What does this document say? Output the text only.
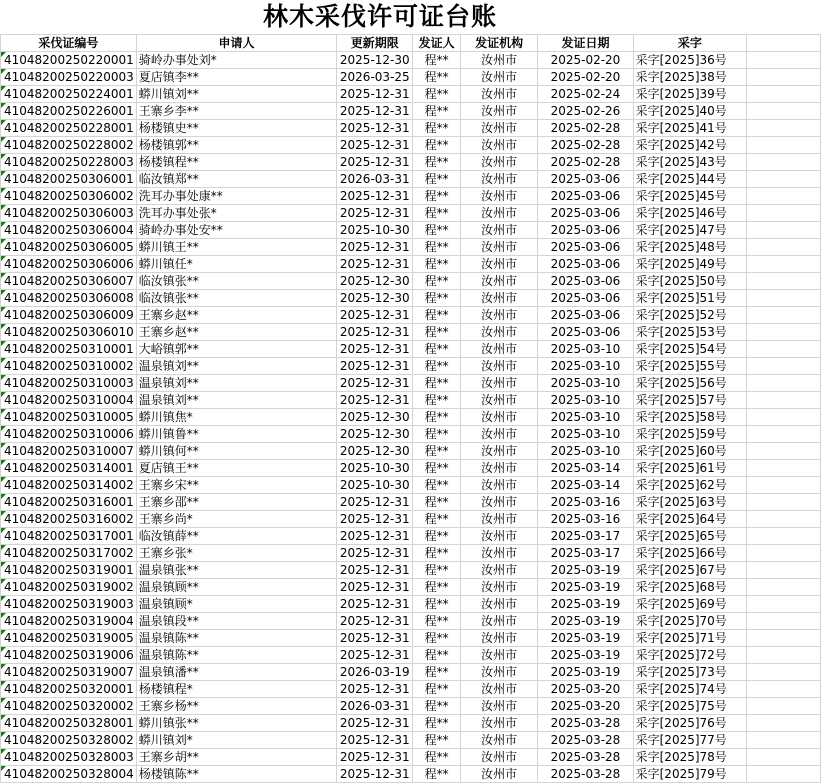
林木采伐许可证台账
采伐证编号	申请人	更新期限	发证人	发证机构	发证日期	采字	
41048200250220001	骑岭办事处刘*	2025-12-30	程**	汝州市	2025-02-20	采字[2025]36号	
41048200250220003	夏店镇李**	2026-03-25	程**	汝州市	2025-02-20	采字[2025]38号	
41048200250224001	蟒川镇刘**	2025-12-31	程**	汝州市	2025-02-24	采字[2025]39号	
41048200250226001	王寨乡李**	2025-12-31	程**	汝州市	2025-02-26	采字[2025]40号	
41048200250228001	杨楼镇史**	2025-12-31	程**	汝州市	2025-02-28	采字[2025]41号	
41048200250228002	杨楼镇郭**	2025-12-31	程**	汝州市	2025-02-28	采字[2025]42号	
41048200250228003	杨楼镇程**	2025-12-31	程**	汝州市	2025-02-28	采字[2025]43号	
41048200250306001	临汝镇郑**	2026-03-31	程**	汝州市	2025-03-06	采字[2025]44号	
41048200250306002	洗耳办事处康**	2025-12-31	程**	汝州市	2025-03-06	采字[2025]45号	
41048200250306003	洗耳办事处张*	2025-12-31	程**	汝州市	2025-03-06	采字[2025]46号	
41048200250306004	骑岭办事处安**	2025-10-30	程**	汝州市	2025-03-06	采字[2025]47号	
41048200250306005	蟒川镇王**	2025-12-31	程**	汝州市	2025-03-06	采字[2025]48号	
41048200250306006	蟒川镇任*	2025-12-31	程**	汝州市	2025-03-06	采字[2025]49号	
41048200250306007	临汝镇张**	2025-12-30	程**	汝州市	2025-03-06	采字[2025]50号	
41048200250306008	临汝镇张**	2025-12-30	程**	汝州市	2025-03-06	采字[2025]51号	
41048200250306009	王寨乡赵**	2025-12-31	程**	汝州市	2025-03-06	采字[2025]52号	
41048200250306010	王寨乡赵**	2025-12-31	程**	汝州市	2025-03-06	采字[2025]53号	
41048200250310001	大峪镇郭**	2025-12-31	程**	汝州市	2025-03-10	采字[2025]54号	
41048200250310002	温泉镇刘**	2025-12-31	程**	汝州市	2025-03-10	采字[2025]55号	
41048200250310003	温泉镇刘**	2025-12-31	程**	汝州市	2025-03-10	采字[2025]56号	
41048200250310004	温泉镇刘**	2025-12-31	程**	汝州市	2025-03-10	采字[2025]57号	
41048200250310005	蟒川镇焦*	2025-12-30	程**	汝州市	2025-03-10	采字[2025]58号	
41048200250310006	蟒川镇鲁**	2025-12-30	程**	汝州市	2025-03-10	采字[2025]59号	
41048200250310007	蟒川镇何**	2025-12-30	程**	汝州市	2025-03-10	采字[2025]60号	
41048200250314001	夏店镇王**	2025-10-30	程**	汝州市	2025-03-14	采字[2025]61号	
41048200250314002	王寨乡宋**	2025-10-30	程**	汝州市	2025-03-14	采字[2025]62号	
41048200250316001	王寨乡邵**	2025-12-31	程**	汝州市	2025-03-16	采字[2025]63号	
41048200250316002	王寨乡尚*	2025-12-31	程**	汝州市	2025-03-16	采字[2025]64号	
41048200250317001	临汝镇薛**	2025-12-31	程**	汝州市	2025-03-17	采字[2025]65号	
41048200250317002	王寨乡张*	2025-12-31	程**	汝州市	2025-03-17	采字[2025]66号	
41048200250319001	温泉镇张**	2025-12-31	程**	汝州市	2025-03-19	采字[2025]67号	
41048200250319002	温泉镇顾**	2025-12-31	程**	汝州市	2025-03-19	采字[2025]68号	
41048200250319003	温泉镇顾*	2025-12-31	程**	汝州市	2025-03-19	采字[2025]69号	
41048200250319004	温泉镇段**	2025-12-31	程**	汝州市	2025-03-19	采字[2025]70号	
41048200250319005	温泉镇陈**	2025-12-31	程**	汝州市	2025-03-19	采字[2025]71号	
41048200250319006	温泉镇陈**	2025-12-31	程**	汝州市	2025-03-19	采字[2025]72号	
41048200250319007	温泉镇潘**	2026-03-19	程**	汝州市	2025-03-19	采字[2025]73号	
41048200250320001	杨楼镇程*	2025-12-31	程**	汝州市	2025-03-20	采字[2025]74号	
41048200250320002	王寨乡杨**	2026-03-31	程**	汝州市	2025-03-20	采字[2025]75号	
41048200250328001	蟒川镇张**	2025-12-31	程**	汝州市	2025-03-28	采字[2025]76号	
41048200250328002	蟒川镇刘*	2025-12-31	程**	汝州市	2025-03-28	采字[2025]77号	
41048200250328003	王寨乡胡**	2025-12-31	程**	汝州市	2025-03-28	采字[2025]78号	
41048200250328004	杨楼镇陈**	2025-12-31	程**	汝州市	2025-03-28	采字[2025]79号	
